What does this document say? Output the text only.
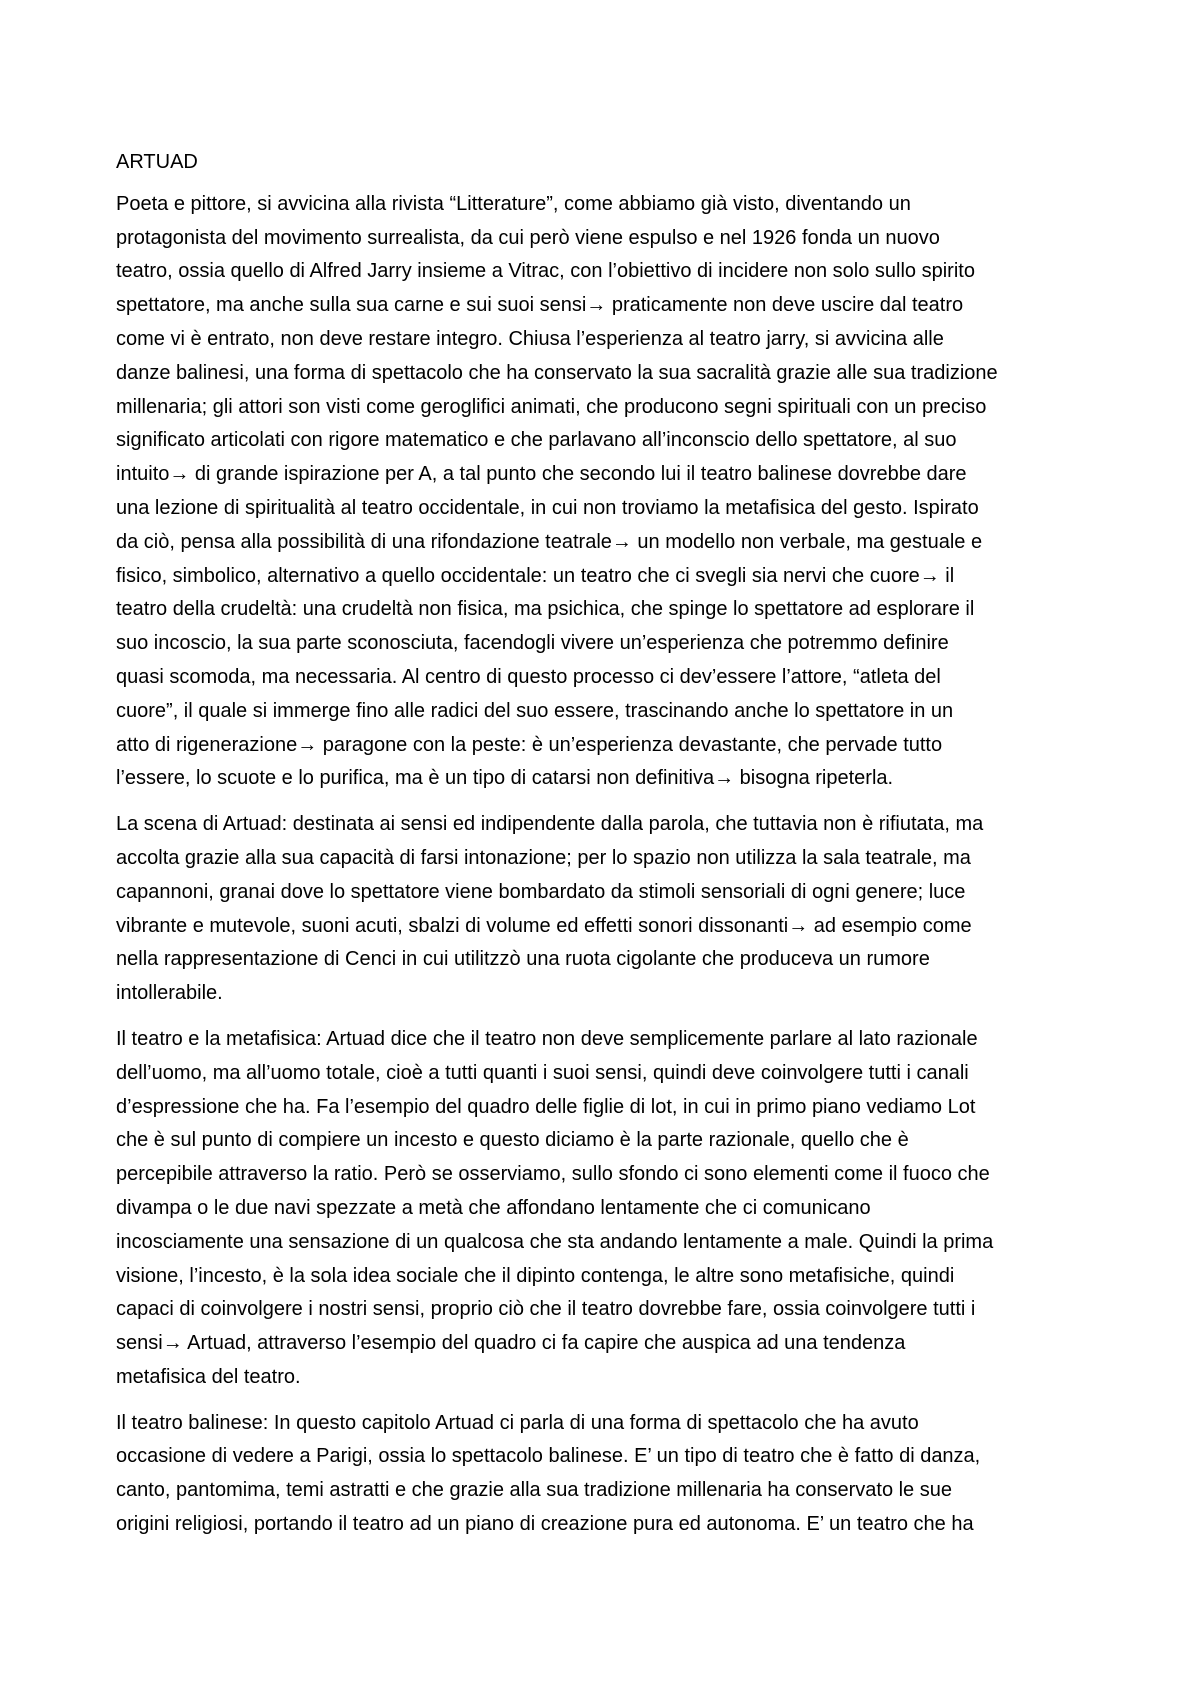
ARTUAD
Poeta e pittore, si avvicina alla rivista “Litterature”, come abbiamo già visto, diventando un
protagonista del movimento surrealista, da cui però viene espulso e nel 1926 fonda un nuovo
teatro, ossia quello di Alfred Jarry insieme a Vitrac, con l’obiettivo di incidere non solo sullo spirito
spettatore, ma anche sulla sua carne e sui suoi sensi→ praticamente non deve uscire dal teatro
come vi è entrato, non deve restare integro. Chiusa l’esperienza al teatro jarry, si avvicina alle
danze balinesi, una forma di spettacolo che ha conservato la sua sacralità grazie alle sua tradizione
millenaria; gli attori son visti come geroglifici animati, che producono segni spirituali con un preciso
significato articolati con rigore matematico e che parlavano all’inconscio dello spettatore, al suo
intuito→ di grande ispirazione per A, a tal punto che secondo lui il teatro balinese dovrebbe dare
una lezione di spiritualità al teatro occidentale, in cui non troviamo la metafisica del gesto. Ispirato
da ciò, pensa alla possibilità di una rifondazione teatrale→ un modello non verbale, ma gestuale e
fisico, simbolico, alternativo a quello occidentale: un teatro che ci svegli sia nervi che cuore→ il
teatro della crudeltà: una crudeltà non fisica, ma psichica, che spinge lo spettatore ad esplorare il
suo incoscio, la sua parte sconosciuta, facendogli vivere un’esperienza che potremmo definire
quasi scomoda, ma necessaria. Al centro di questo processo ci dev’essere l’attore, “atleta del
cuore”, il quale si immerge fino alle radici del suo essere, trascinando anche lo spettatore in un
atto di rigenerazione→ paragone con la peste: è un’esperienza devastante, che pervade tutto
l’essere, lo scuote e lo purifica, ma è un tipo di catarsi non definitiva→ bisogna ripeterla.
La scena di Artuad: destinata ai sensi ed indipendente dalla parola, che tuttavia non è rifiutata, ma
accolta grazie alla sua capacità di farsi intonazione; per lo spazio non utilizza la sala teatrale, ma
capannoni, granai dove lo spettatore viene bombardato da stimoli sensoriali di ogni genere; luce
vibrante e mutevole, suoni acuti, sbalzi di volume ed effetti sonori dissonanti→ ad esempio come
nella rappresentazione di Cenci in cui utilitzzò una ruota cigolante che produceva un rumore
intollerabile.
Il teatro e la metafisica: Artuad dice che il teatro non deve semplicemente parlare al lato razionale
dell’uomo, ma all’uomo totale, cioè a tutti quanti i suoi sensi, quindi deve coinvolgere tutti i canali
d’espressione che ha. Fa l’esempio del quadro delle figlie di lot, in cui in primo piano vediamo Lot
che è sul punto di compiere un incesto e questo diciamo è la parte razionale, quello che è
percepibile attraverso la ratio. Però se osserviamo, sullo sfondo ci sono elementi come il fuoco che
divampa o le due navi spezzate a metà che affondano lentamente che ci comunicano
incosciamente una sensazione di un qualcosa che sta andando lentamente a male. Quindi la prima
visione, l’incesto, è la sola idea sociale che il dipinto contenga, le altre sono metafisiche, quindi
capaci di coinvolgere i nostri sensi, proprio ciò che il teatro dovrebbe fare, ossia coinvolgere tutti i
sensi→ Artuad, attraverso l’esempio del quadro ci fa capire che auspica ad una tendenza
metafisica del teatro.
Il teatro balinese: In questo capitolo Artuad ci parla di una forma di spettacolo che ha avuto
occasione di vedere a Parigi, ossia lo spettacolo balinese. E’ un tipo di teatro che è fatto di danza,
canto, pantomima, temi astratti e che grazie alla sua tradizione millenaria ha conservato le sue
origini religiosi, portando il teatro ad un piano di creazione pura ed autonoma. E’ un teatro che ha
